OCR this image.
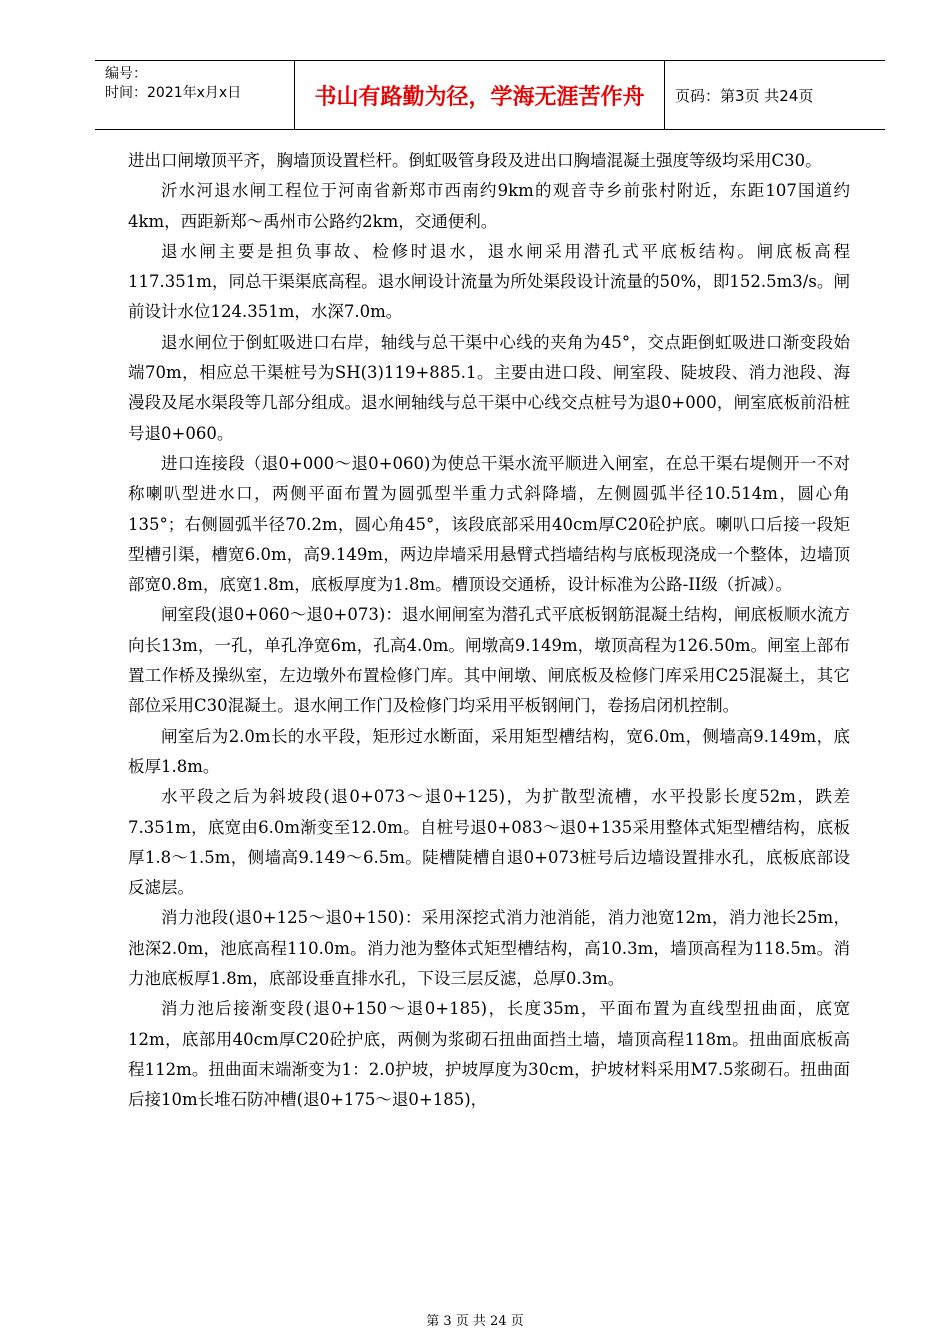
编号：
时间：2021年x月x日	书山有路勤为径，学海无涯苦作舟	页码：第3页 共24页

进出口闸墩顶平齐，胸墙顶设置栏杆。倒虹吸管身段及进出口胸墙混凝土强度等级均采用C30。

沂水河退水闸工程位于河南省新郑市西南约9km的观音寺乡前张村附近，东距107国道约4km，西距新郑～禹州市公路约2km，交通便利。

退水闸主要是担负事故、检修时退水，退水闸采用潜孔式平底板结构。闸底板高程117.351m，同总干渠渠底高程。退水闸设计流量为所处渠段设计流量的50%，即152.5m3/s。闸前设计水位124.351m，水深7.0m。

退水闸位于倒虹吸进口右岸，轴线与总干渠中心线的夹角为45°，交点距倒虹吸进口渐变段始端70m，相应总干渠桩号为SH(3)119+885.1。主要由进口段、闸室段、陡坡段、消力池段、海漫段及尾水渠段等几部分组成。退水闸轴线与总干渠中心线交点桩号为退0+000，闸室底板前沿桩号退0+060。

进口连接段（退0+000～退0+060)为使总干渠水流平顺进入闸室，在总干渠右堤侧开一不对称喇叭型进水口，两侧平面布置为圆弧型半重力式斜降墙，左侧圆弧半径10.514m，圆心角135°；右侧圆弧半径70.2m，圆心角45°，该段底部采用40cm厚C20砼护底。喇叭口后接一段矩型槽引渠，槽宽6.0m，高9.149m，两边岸墙采用悬臂式挡墙结构与底板现浇成一个整体，边墙顶部宽0.8m，底宽1.8m，底板厚度为1.8m。槽顶设交通桥，设计标准为公路-II级（折减）。

闸室段(退0+060～退0+073)：退水闸闸室为潜孔式平底板钢筋混凝土结构，闸底板顺水流方向长13m，一孔，单孔净宽6m，孔高4.0m。闸墩高9.149m，墩顶高程为126.50m。闸室上部布置工作桥及操纵室，左边墩外布置检修门库。其中闸墩、闸底板及检修门库采用C25混凝土，其它部位采用C30混凝土。退水闸工作门及检修门均采用平板钢闸门，卷扬启闭机控制。

闸室后为2.0m长的水平段，矩形过水断面，采用矩型槽结构，宽6.0m，侧墙高9.149m，底板厚1.8m。

水平段之后为斜坡段(退0+073～退0+125)，为扩散型流槽，水平投影长度52m，跌差7.351m，底宽由6.0m渐变至12.0m。自桩号退0+083～退0+135采用整体式矩型槽结构，底板厚1.8～1.5m，侧墙高9.149～6.5m。陡槽陡槽自退0+073桩号后边墙设置排水孔，底板底部设反滤层。

消力池段(退0+125～退0+150)：采用深挖式消力池消能，消力池宽12m，消力池长25m，池深2.0m，池底高程110.0m。消力池为整体式矩型槽结构，高10.3m，墙顶高程为118.5m。消力池底板厚1.8m，底部设垂直排水孔，下设三层反滤，总厚0.3m。

消力池后接渐变段(退0+150～退0+185)，长度35m，平面布置为直线型扭曲面，底宽12m，底部用40cm厚C20砼护底，两侧为浆砌石扭曲面挡土墙，墙顶高程118m。扭曲面底板高程112m。扭曲面末端渐变为1：2.0护坡，护坡厚度为30cm，护坡材料采用M7.5浆砌石。扭曲面后接10m长堆石防冲槽(退0+175～退0+185)，

第 3 页 共 24 页
